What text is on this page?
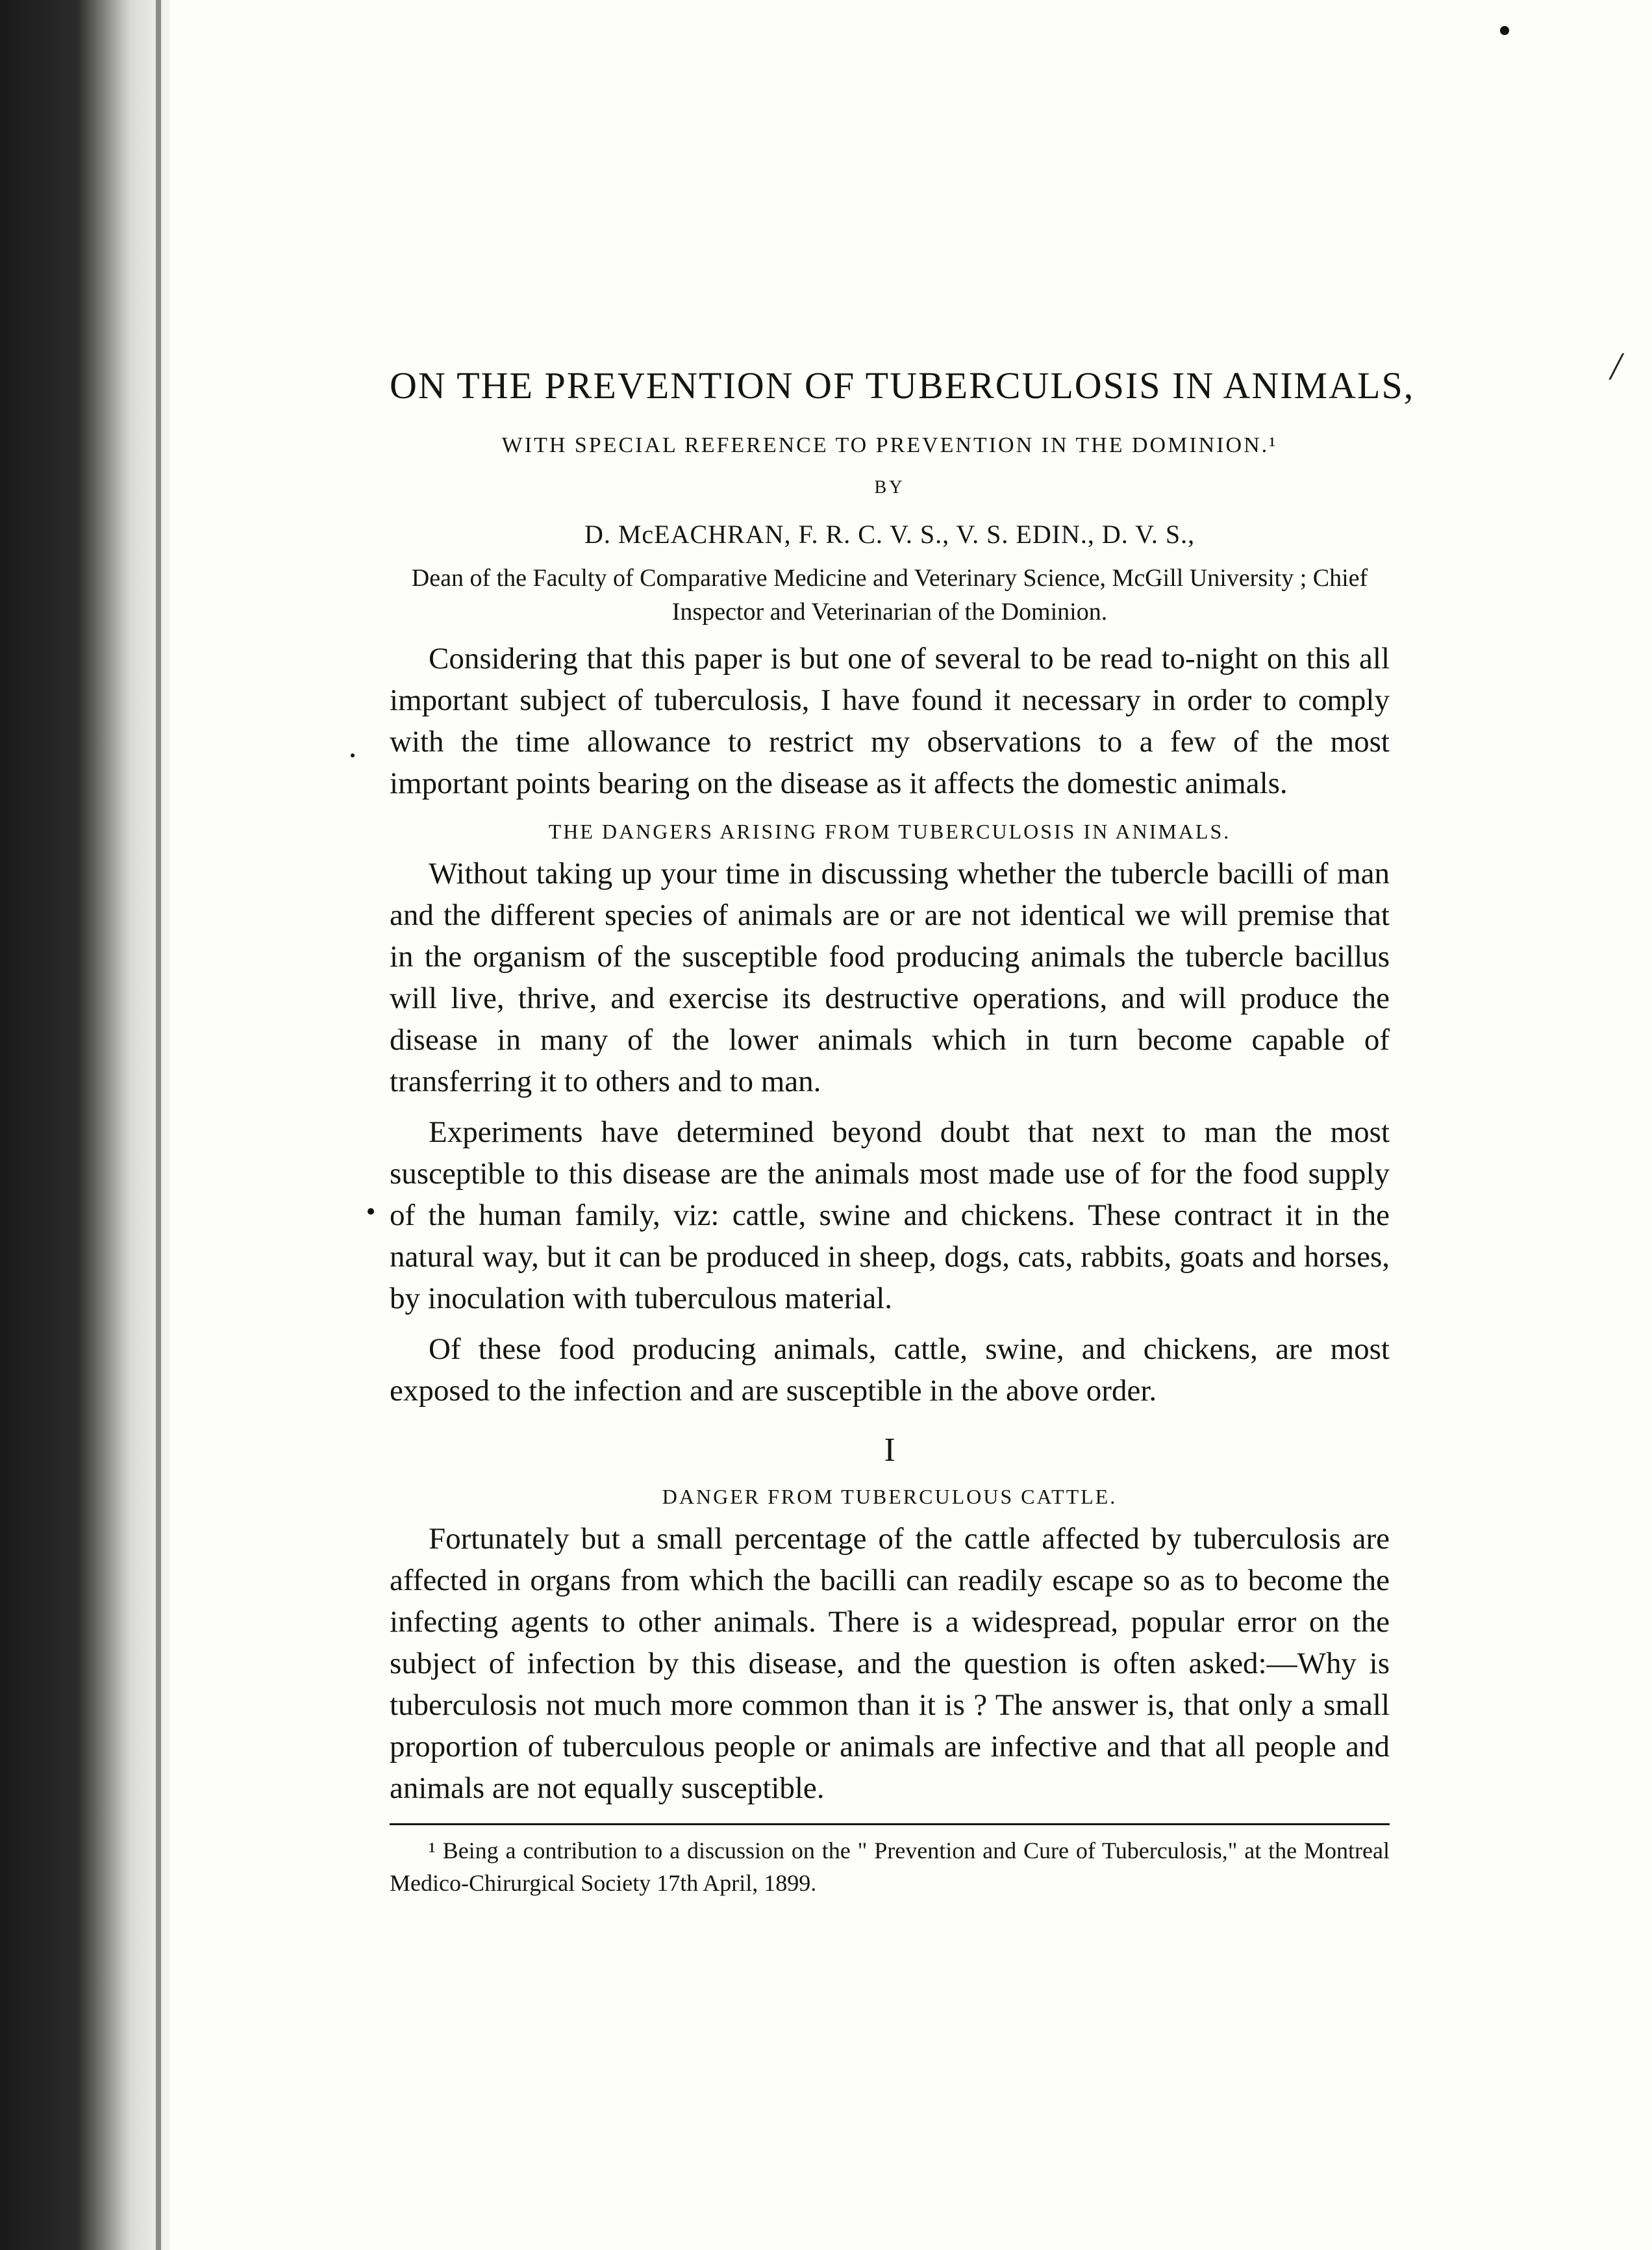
/
ON THE PREVENTION OF TUBERCULOSIS IN ANIMALS,
WITH SPECIAL REFERENCE TO PREVENTION IN THE DOMINION.¹
BY
D. McEACHRAN, F. R. C. V. S., V. S. EDIN., D. V. S.,
Dean of the Faculty of Comparative Medicine and Veterinary Science, McGill University ; Chief Inspector and Veterinarian of the Dominion.

Considering that this paper is but one of several to be read to-night on this all important subject of tuberculosis, I have found it necessary in order to comply with the time allowance to restrict my observations to a few of the most important points bearing on the disease as it affects the domestic animals.

THE DANGERS ARISING FROM TUBERCULOSIS IN ANIMALS.

Without taking up your time in discussing whether the tubercle bacilli of man and the different species of animals are or are not identical we will premise that in the organism of the susceptible food producing animals the tubercle bacillus will live, thrive, and exercise its destructive operations, and will produce the disease in many of the lower animals which in turn become capable of transferring it to others and to man.

Experiments have determined beyond doubt that next to man the most susceptible to this disease are the animals most made use of for the food supply of the human family, viz: cattle, swine and chickens. These contract it in the natural way, but it can be produced in sheep, dogs, cats, rabbits, goats and horses, by inoculation with tuberculous material.

Of these food producing animals, cattle, swine, and chickens, are most exposed to the infection and are susceptible in the above order.

I
DANGER FROM TUBERCULOUS CATTLE.

Fortunately but a small percentage of the cattle affected by tuberculosis are affected in organs from which the bacilli can readily escape so as to become the infecting agents to other animals. There is a widespread, popular error on the subject of infection by this disease, and the question is often asked:—Why is tuberculosis not much more common than it is ? The answer is, that only a small proportion of tuberculous people or animals are infective and that all people and animals are not equally susceptible.

¹ Being a contribution to a discussion on the " Prevention and Cure of Tuberculosis," at the Montreal Medico-Chirurgical Society 17th April, 1899.
